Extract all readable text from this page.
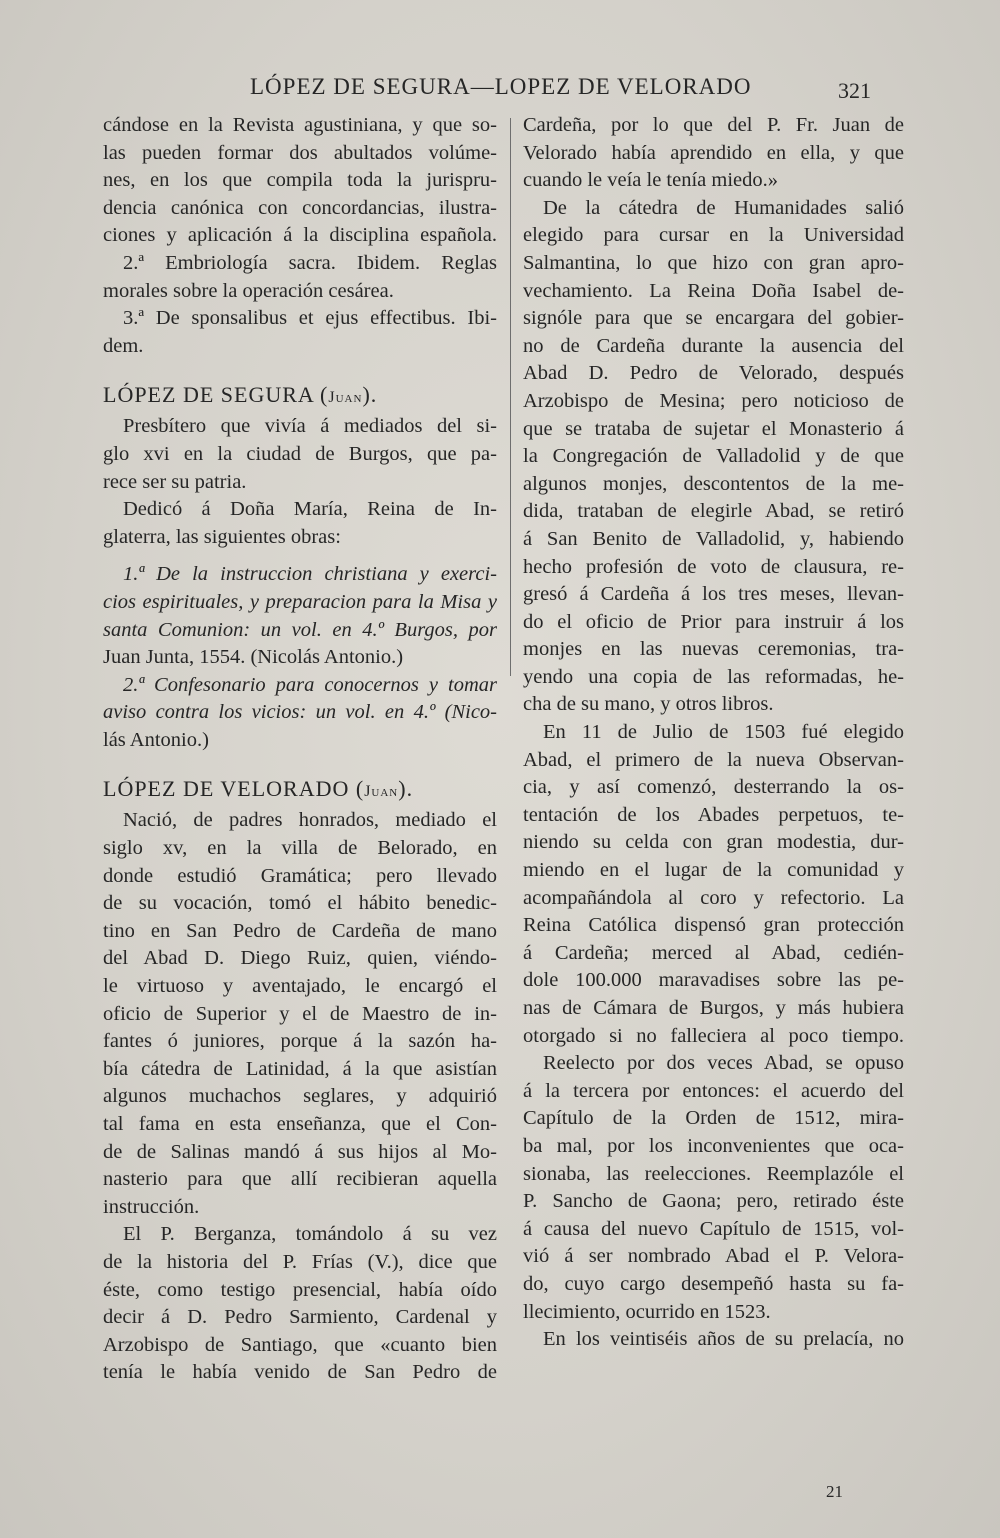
LÓPEZ DE SEGURA—LOPEZ DE VELORADO	321
cándose en la Revista agustiniana, y que so-
las pueden formar dos abultados volúme-
nes, en los que compila toda la jurispru-
dencia canónica con concordancias, ilustra-
ciones y aplicación á la disciplina española.
2.ª Embriología sacra. Ibidem. Reglas
morales sobre la operación cesárea.
3.ª De sponsalibus et ejus effectibus. Ibi-
dem.
LÓPEZ DE SEGURA (Juan).
Presbítero que vivía á mediados del si-
glo xvi en la ciudad de Burgos, que pa-
rece ser su patria.
Dedicó á Doña María, Reina de In-
glaterra, las siguientes obras:
1.ª De la instruccion christiana y exerci-
cios espirituales, y preparacion para la Misa y
santa Comunion: un vol. en 4.º Burgos, por
Juan Junta, 1554. (Nicolás Antonio.)
2.ª Confesonario para conocernos y tomar
aviso contra los vicios: un vol. en 4.º (Nico-
lás Antonio.)
LÓPEZ DE VELORADO (Juan).
Nació, de padres honrados, mediado el
siglo xv, en la villa de Belorado, en
donde estudió Gramática; pero llevado
de su vocación, tomó el hábito benedic-
tino en San Pedro de Cardeña de mano
del Abad D. Diego Ruiz, quien, viéndo-
le virtuoso y aventajado, le encargó el
oficio de Superior y el de Maestro de in-
fantes ó juniores, porque á la sazón ha-
bía cátedra de Latinidad, á la que asistían
algunos muchachos seglares, y adquirió
tal fama en esta enseñanza, que el Con-
de de Salinas mandó á sus hijos al Mo-
nasterio para que allí recibieran aquella
instrucción.
El P. Berganza, tomándolo á su vez
de la historia del P. Frías (V.), dice que
éste, como testigo presencial, había oído
decir á D. Pedro Sarmiento, Cardenal y
Arzobispo de Santiago, que «cuanto bien
tenía le había venido de San Pedro de
Cardeña, por lo que del P. Fr. Juan de
Velorado había aprendido en ella, y que
cuando le veía le tenía miedo.»
De la cátedra de Humanidades salió
elegido para cursar en la Universidad
Salmantina, lo que hizo con gran apro-
vechamiento. La Reina Doña Isabel de-
signóle para que se encargara del gobier-
no de Cardeña durante la ausencia del
Abad D. Pedro de Velorado, después
Arzobispo de Mesina; pero noticioso de
que se trataba de sujetar el Monasterio á
la Congregación de Valladolid y de que
algunos monjes, descontentos de la me-
dida, trataban de elegirle Abad, se retiró
á San Benito de Valladolid, y, habiendo
hecho profesión de voto de clausura, re-
gresó á Cardeña á los tres meses, llevan-
do el oficio de Prior para instruir á los
monjes en las nuevas ceremonias, tra-
yendo una copia de las reformadas, he-
cha de su mano, y otros libros.
En 11 de Julio de 1503 fué elegido
Abad, el primero de la nueva Observan-
cia, y así comenzó, desterrando la os-
tentación de los Abades perpetuos, te-
niendo su celda con gran modestia, dur-
miendo en el lugar de la comunidad y
acompañándola al coro y refectorio. La
Reina Católica dispensó gran protección
á Cardeña; merced al Abad, cedién-
dole 100.000 maravadises sobre las pe-
nas de Cámara de Burgos, y más hubiera
otorgado si no falleciera al poco tiempo.
Reelecto por dos veces Abad, se opuso
á la tercera por entonces: el acuerdo del
Capítulo de la Orden de 1512, mira-
ba mal, por los inconvenientes que oca-
sionaba, las reelecciones. Reemplazóle el
P. Sancho de Gaona; pero, retirado éste
á causa del nuevo Capítulo de 1515, vol-
vió á ser nombrado Abad el P. Velora-
do, cuyo cargo desempeñó hasta su fa-
llecimiento, ocurrido en 1523.
En los veintiséis años de su prelacía, no
21
